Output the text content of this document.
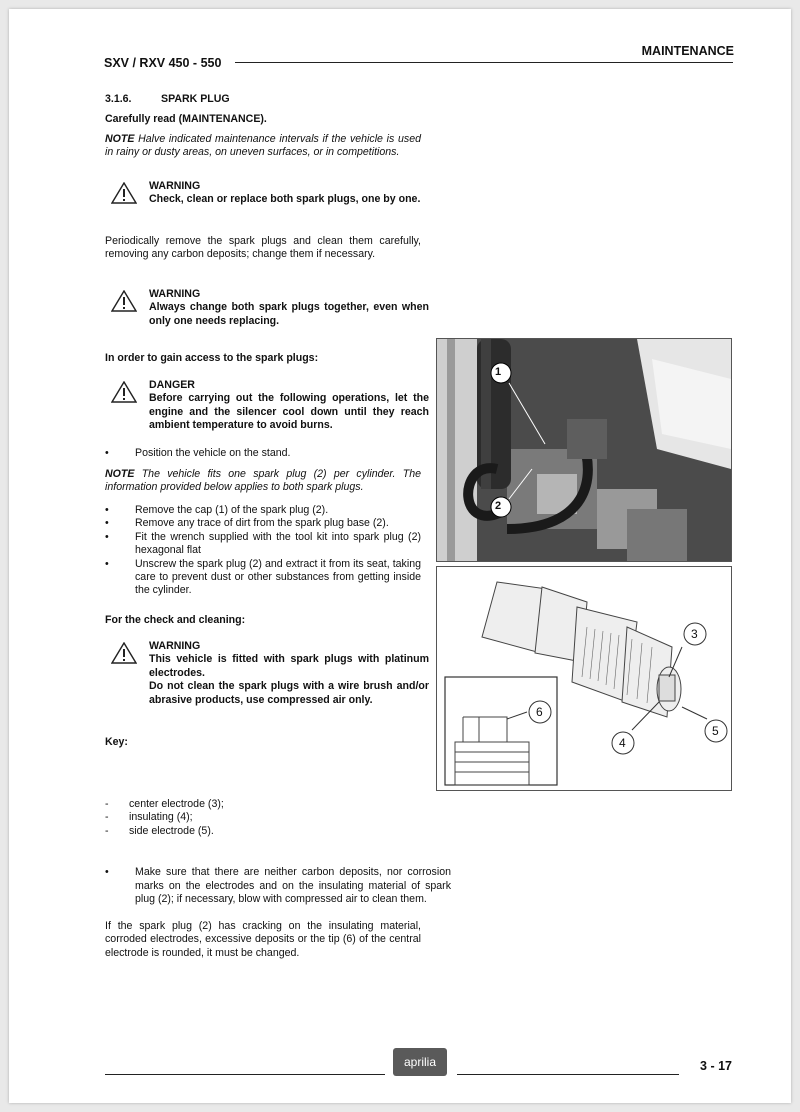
SXV / RXV 450 - 550
MAINTENANCE
3.1.6.	SPARK PLUG
Carefully read (MAINTENANCE).
NOTE Halve indicated maintenance intervals if the vehicle is used in rainy or dusty areas, on uneven surfaces, or in competitions.
WARNING
Check, clean or replace both spark plugs, one by one.
Periodically remove the spark plugs and clean them carefully, removing any carbon deposits; change them if necessary.
WARNING
Always change both spark plugs together, even when only one needs replacing.
In order to gain access to the spark plugs:
DANGER
Before carrying out the following operations, let the engine and the silencer cool down until they reach ambient temperature to avoid burns.
• Position the vehicle on the stand.
NOTE The vehicle fits one spark plug (2) per cylinder. The information provided below applies to both spark plugs.
• Remove the cap (1) of the spark plug (2).
• Remove any trace of dirt from the spark plug base (2).
• Fit the wrench supplied with the tool kit into spark plug (2) hexagonal flat
• Unscrew the spark plug (2) and extract it from its seat, taking care to prevent dust or other substances from getting inside the cylinder.
For the check and cleaning:
WARNING
This vehicle is fitted with spark plugs with platinum electrodes.
Do not clean the spark plugs with a wire brush and/or abrasive products, use compressed air only.
Key:
- center electrode (3);
- insulating (4);
- side electrode (5).
• Make sure that there are neither carbon deposits, nor corrosion marks on the electrodes and on the insulating material of spark plug (2); if necessary, blow with compressed air to clean them.
If the spark plug (2) has cracking on the insulating material, corroded electrodes, excessive deposits or the tip (6) of the central electrode is rounded, it must be changed.
1
2
3
4
5
6
aprilia	3 - 17
